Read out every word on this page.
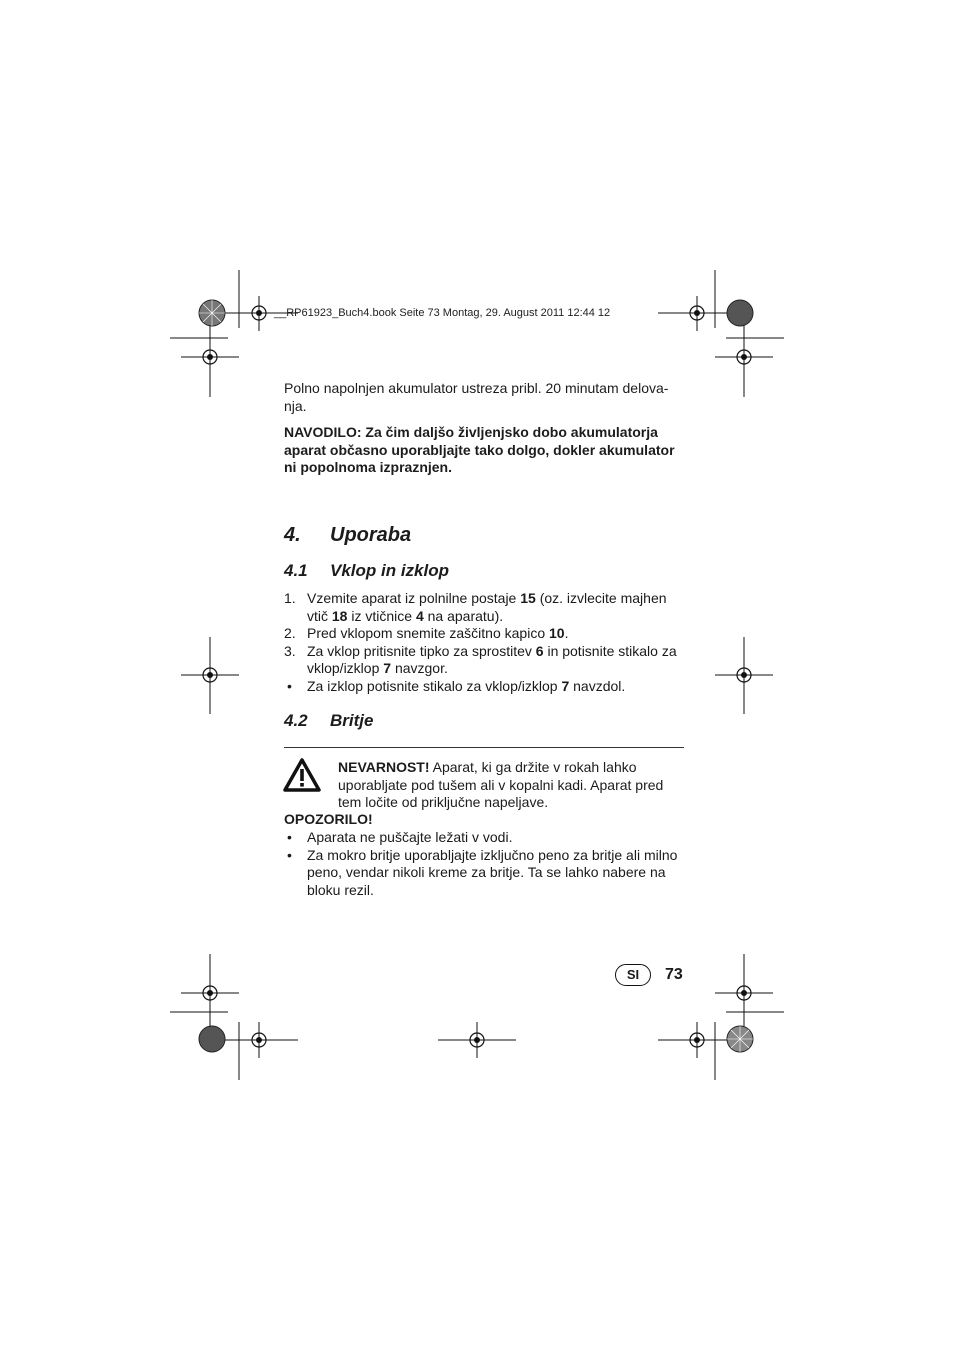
__RP61923_Buch4.book Seite 73 Montag, 29. August 2011 12:44 12
Polno napolnjen akumulator ustreza pribl. 20 minutam delova-
nja.
NAVODILO: Za čim daljšo življenjsko dobo akumulatorja aparat občasno uporabljajte tako dolgo, dokler akumulator ni popolnoma izpraznjen.
4. Uporaba
4.1 Vklop in izklop
1. Vzemite aparat iz polnilne postaje 15 (oz. izvlecite majhen vtič 18 iz vtičnice 4 na aparatu).
2. Pred vklopom snemite zaščitno kapico 10.
3. Za vklop pritisnite tipko za sprostitev 6 in potisnite stikalo za vklop/izklop 7 navzgor.
• Za izklop potisnite stikalo za vklop/izklop 7 navzdol.
4.2 Britje
NEVARNOST! Aparat, ki ga držite v rokah lahko uporabljate pod tušem ali v kopalni kadi. Aparat pred tem ločite od priključne napeljave.
OPOZORILO!
• Aparata ne puščajte ležati v vodi.
• Za mokro britje uporabljajte izključno peno za britje ali milno peno, vendar nikoli kreme za britje. Ta se lahko nabere na bloku rezil.
SI	73
